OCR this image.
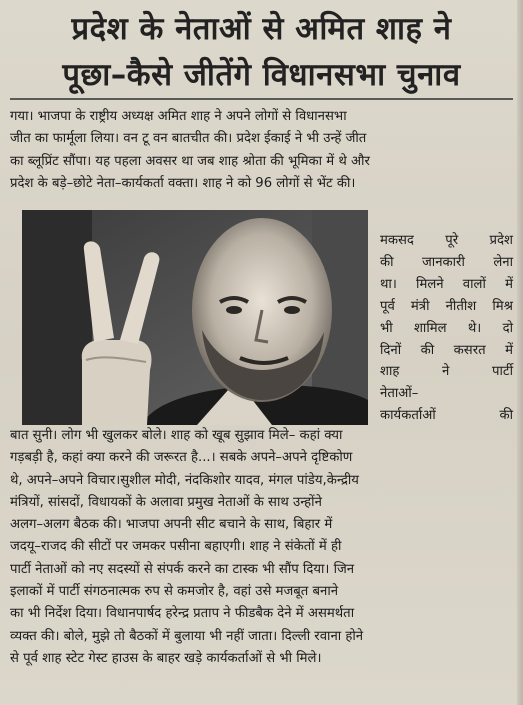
प्रदेश के नेताओं से अमित शाह ने
पूछा–कैसे जीतेंगे विधानसभा चुनाव
गया। भाजपा के राष्ट्रीय अध्यक्ष अमित शाह ने अपने लोगों से विधानसभा
जीत का फार्मूला लिया। वन टू वन बातचीत की। प्रदेश ईकाई ने भी उन्हें जीत
का ब्लूप्रिंट सौंपा। यह पहला अवसर था जब शाह श्रोता की भूमिका में थे और
प्रदेश के बड़े–छोटे नेता–कार्यकर्ता वक्ता। शाह ने को 96 लोगों से भेंट की।
मकसद पूरे प्रदेश
की जानकारी लेना
था। मिलने वालों में
पूर्व मंत्री नीतीश मिश्र
भी शामिल थे। दो
दिनों की कसरत में
शाह ने पार्टी
नेताओं–
कार्यकर्ताओं की
बात सुनी। लोग भी खुलकर बोले। शाह को खूब सुझाव मिले– कहां क्या
गड़बड़ी है, कहां क्या करने की जरूरत है...। सबके अपने–अपने दृष्टिकोण
थे, अपने–अपने विचार।सुशील मोदी, नंदकिशोर यादव, मंगल पांडेय,केन्द्रीय
मंत्रियों, सांसदों, विधायकों के अलावा प्रमुख नेताओं के साथ उन्होंने
अलग–अलग बैठक की। भाजपा अपनी सीट बचाने के साथ, बिहार में
जदयू–राजद की सीटों पर जमकर पसीना बहाएगी। शाह ने संकेतों में ही
पार्टी नेताओं को नए सदस्यों से संपर्क करने का टास्क भी सौंप दिया। जिन
इलाकों में पार्टी संगठनात्मक रुप से कमजोर है, वहां उसे मजबूत बनाने
का भी निर्देश दिया। विधानपार्षद हरेन्द्र प्रताप ने फीडबैक देने में असमर्थता
व्यक्त की। बोले, मुझे तो बैठकों में बुलाया भी नहीं जाता। दिल्ली रवाना होने
से पूर्व शाह स्टेट गेस्ट हाउस के बाहर खड़े कार्यकर्ताओं से भी मिले।
